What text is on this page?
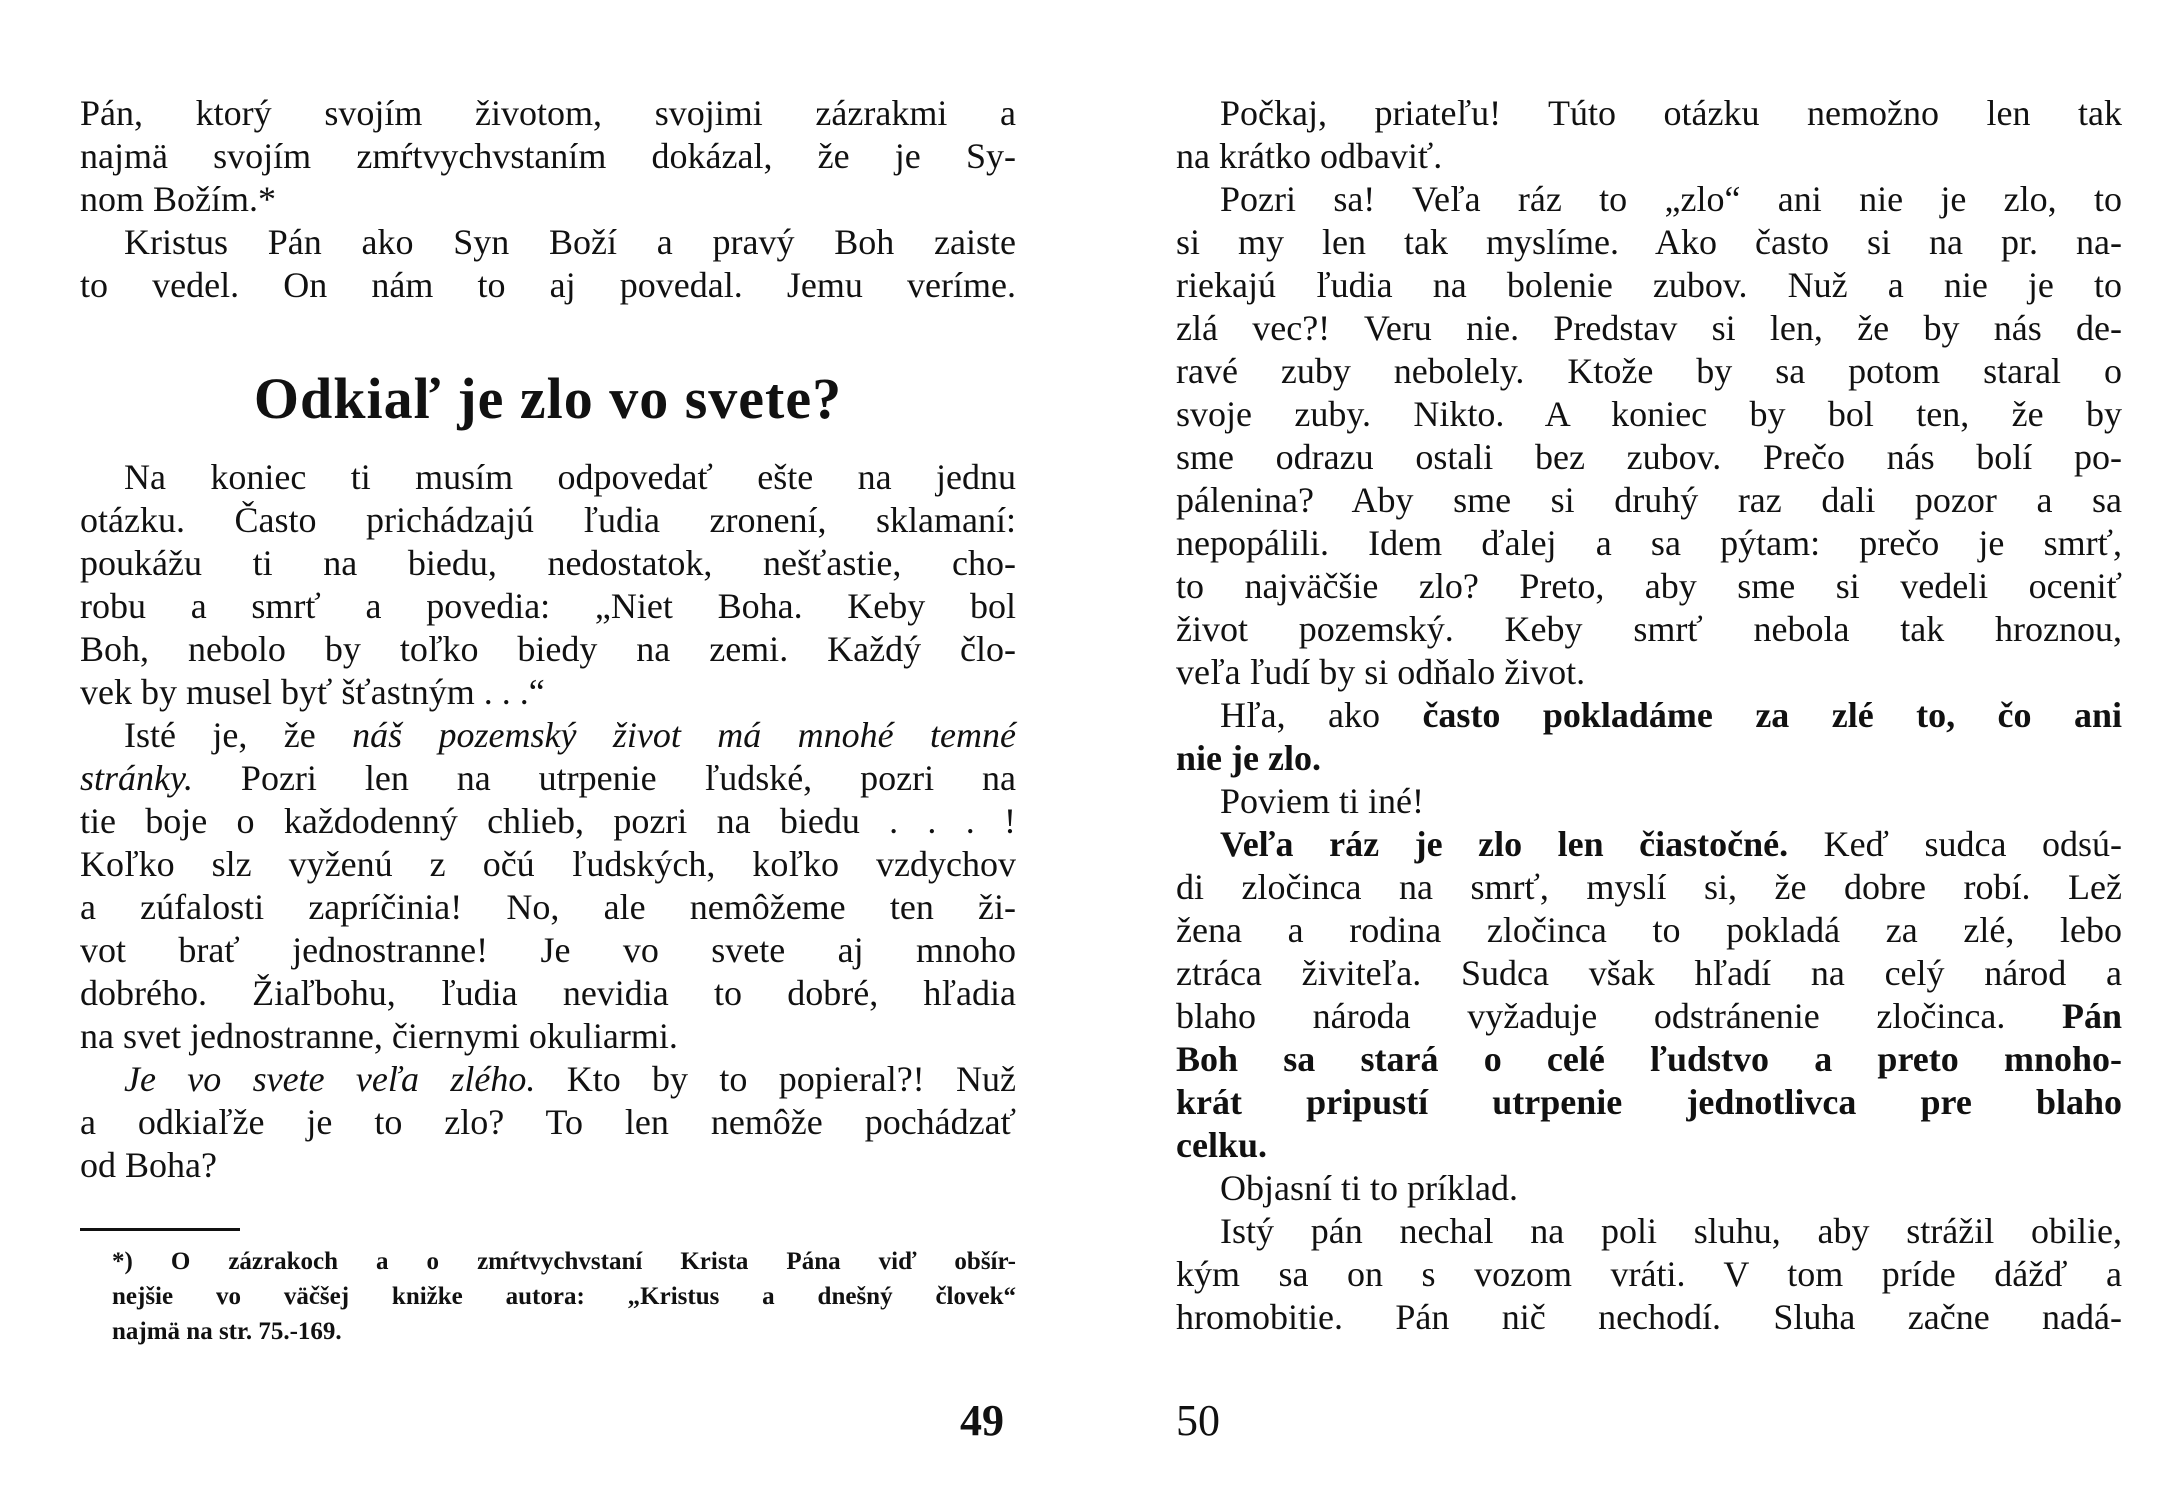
Pán, ktorý svojím životom, svojimi zázrakmi a
najmä svojím zmŕtvychvstaním dokázal, že je Sy-
nom Božím.*

Kristus Pán ako Syn Boží a pravý Boh zaiste
to vedel. On nám to aj povedal. Jemu veríme.

Odkiaľ je zlo vo svete?

Na koniec ti musím odpovedať ešte na jednu
otázku. Často prichádzajú ľudia zronení, sklamaní:
poukážu ti na biedu, nedostatok, nešťastie, cho-
robu a smrť a povedia: „Niet Boha. Keby bol
Boh, nebolo by toľko biedy na zemi. Každý člo-
vek by musel byť šťastným . . .“

Isté je, že náš pozemský život má mnohé temné
stránky. Pozri len na utrpenie ľudské, pozri na
tie boje o každodenný chlieb, pozri na biedu . . . !
Koľko slz vyženú z očú ľudských, koľko vzdychov
a zúfalosti zapríčinia! No, ale nemôžeme ten ži-
vot brať jednostranne! Je vo svete aj mnoho
dobrého. Žiaľbohu, ľudia nevidia to dobré, hľadia
na svet jednostranne, čiernymi okuliarmi.

Je vo svete veľa zlého. Kto by to popieral?! Nuž
a odkiaľže je to zlo? To len nemôže pochádzať
od Boha?

*) O zázrakoch a o zmŕtvychvstaní Krista Pána viď obšír-
nejšie vo väčšej knižke autora: „Kristus a dnešný človek“
najmä na str. 75.-169.

49

Počkaj, priateľu! Túto otázku nemožno len tak
na krátko odbaviť.

Pozri sa! Veľa ráz to „zlo“ ani nie je zlo, to
si my len tak myslíme. Ako často si na pr. na-
riekajú ľudia na bolenie zubov. Nuž a nie je to
zlá vec?! Veru nie. Predstav si len, že by nás de-
ravé zuby nebolely. Ktože by sa potom staral o
svoje zuby. Nikto. A koniec by bol ten, že by
sme odrazu ostali bez zubov. Prečo nás bolí po-
pálenina? Aby sme si druhý raz dali pozor a sa
nepopálili. Idem ďalej a sa pýtam: prečo je smrť,
to najväčšie zlo? Preto, aby sme si vedeli oceniť
život pozemský. Keby smrť nebola tak hroznou,
veľa ľudí by si odňalo život.

Hľa, ako často pokladáme za zlé to, čo ani
nie je zlo.

Poviem ti iné!

Veľa ráz je zlo len čiastočné. Keď sudca odsú-
di zločinca na smrť, myslí si, že dobre robí. Lež
žena a rodina zločinca to pokladá za zlé, lebo
ztráca živiteľa. Sudca však hľadí na celý národ a
blaho národa vyžaduje odstránenie zločinca. Pán
Boh sa stará o celé ľudstvo a preto mnoho-
krát pripustí utrpenie jednotlivca pre blaho
celku.

Objasní ti to príklad.

Istý pán nechal na poli sluhu, aby strážil obilie,
kým sa on s vozom vráti. V tom príde dážď a
hromobitie. Pán nič nechodí. Sluha začne nadá-

50
